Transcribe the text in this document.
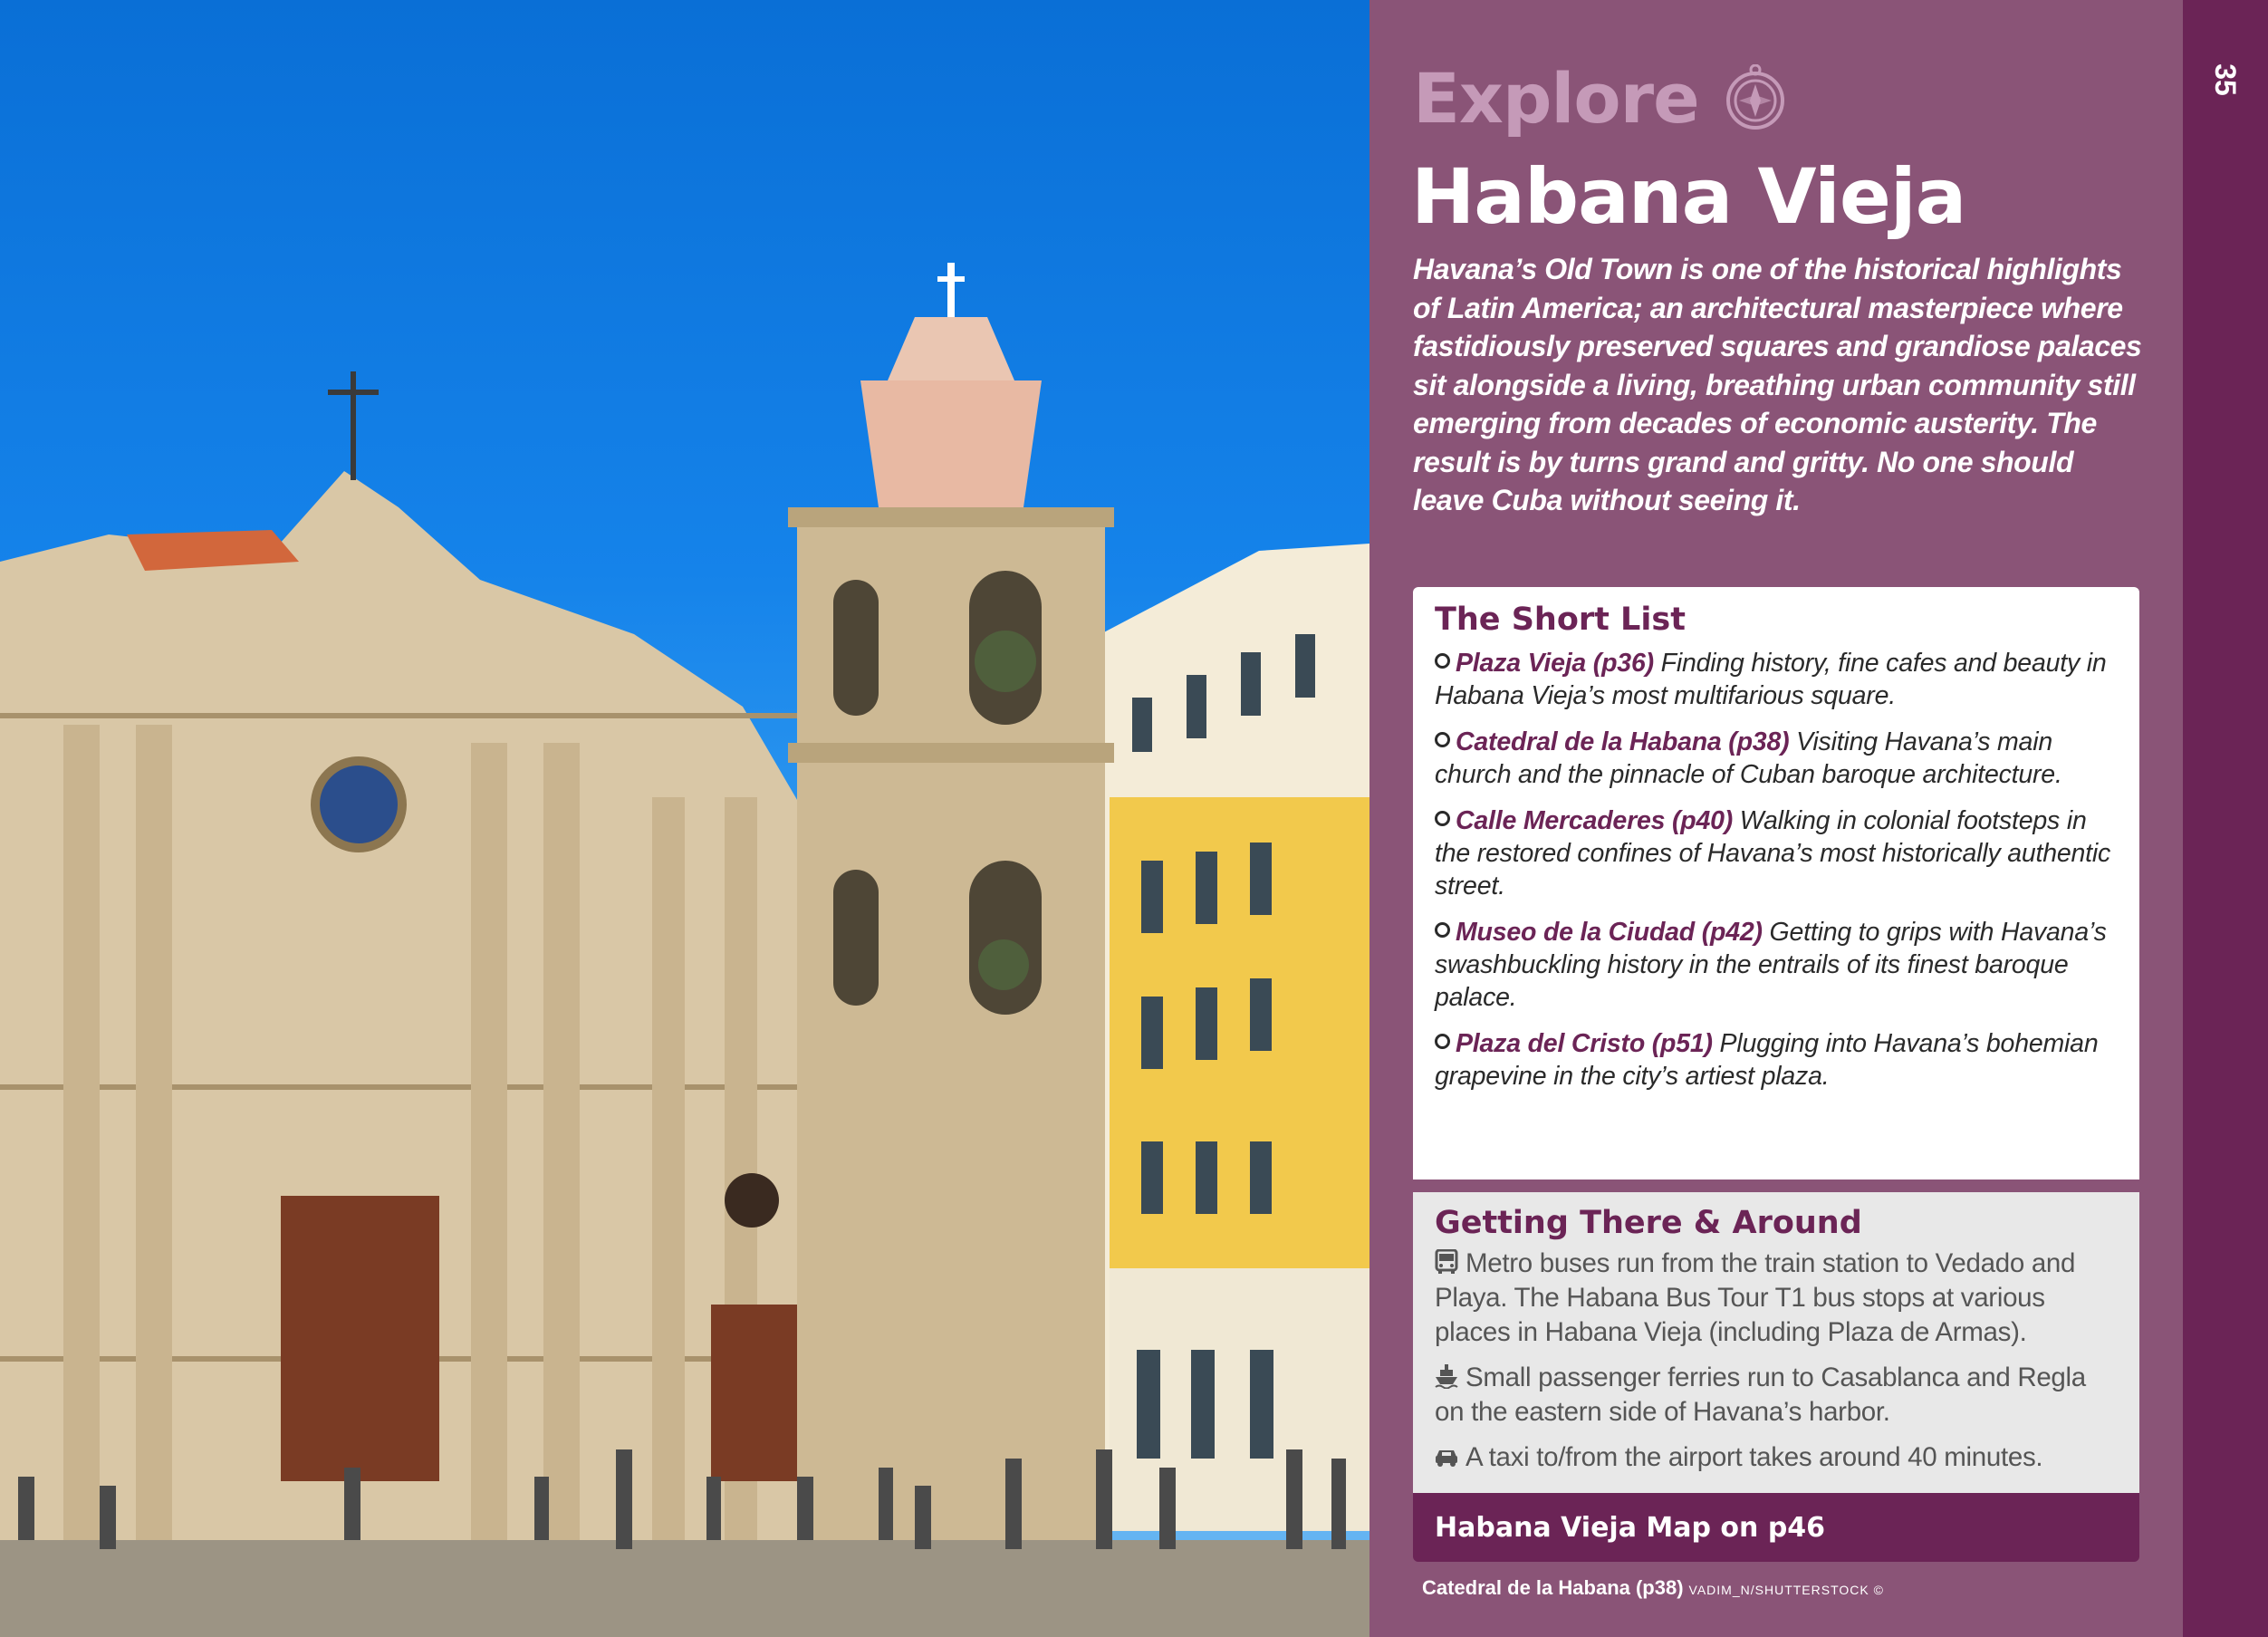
35
Explore
Habana Vieja

Havana’s Old Town is one of the historical highlights of Latin America; an architectural masterpiece where fastidiously preserved squares and grandiose palaces sit alongside a living, breathing urban community still emerging from decades of economic austerity. The result is by turns grand and gritty. No one should leave Cuba without seeing it.

The Short List

Plaza Vieja (p36) Finding history, fine cafes and beauty in Habana Vieja’s most multifarious square.

Catedral de la Habana (p38) Visiting Havana’s main church and the pinnacle of Cuban baroque architecture.

Calle Mercaderes (p40) Walking in colonial footsteps in the restored confines of Havana’s most historically authentic street.

Museo de la Ciudad (p42) Getting to grips with Havana’s swashbuckling history in the entrails of its finest baroque palace.

Plaza del Cristo (p51) Plugging into Havana’s bohemian grapevine in the city’s artiest plaza.

Getting There & Around

Metro buses run from the train station to Vedado and Playa. The Habana Bus Tour T1 bus stops at various places in Habana Vieja (including Plaza de Armas).

Small passenger ferries run to Casablanca and Regla on the eastern side of Havana’s harbor.

A taxi to/from the airport takes around 40 minutes.

Habana Vieja Map on p46
Catedral de la Habana (p38) VADIM_N/SHUTTERSTOCK ©
